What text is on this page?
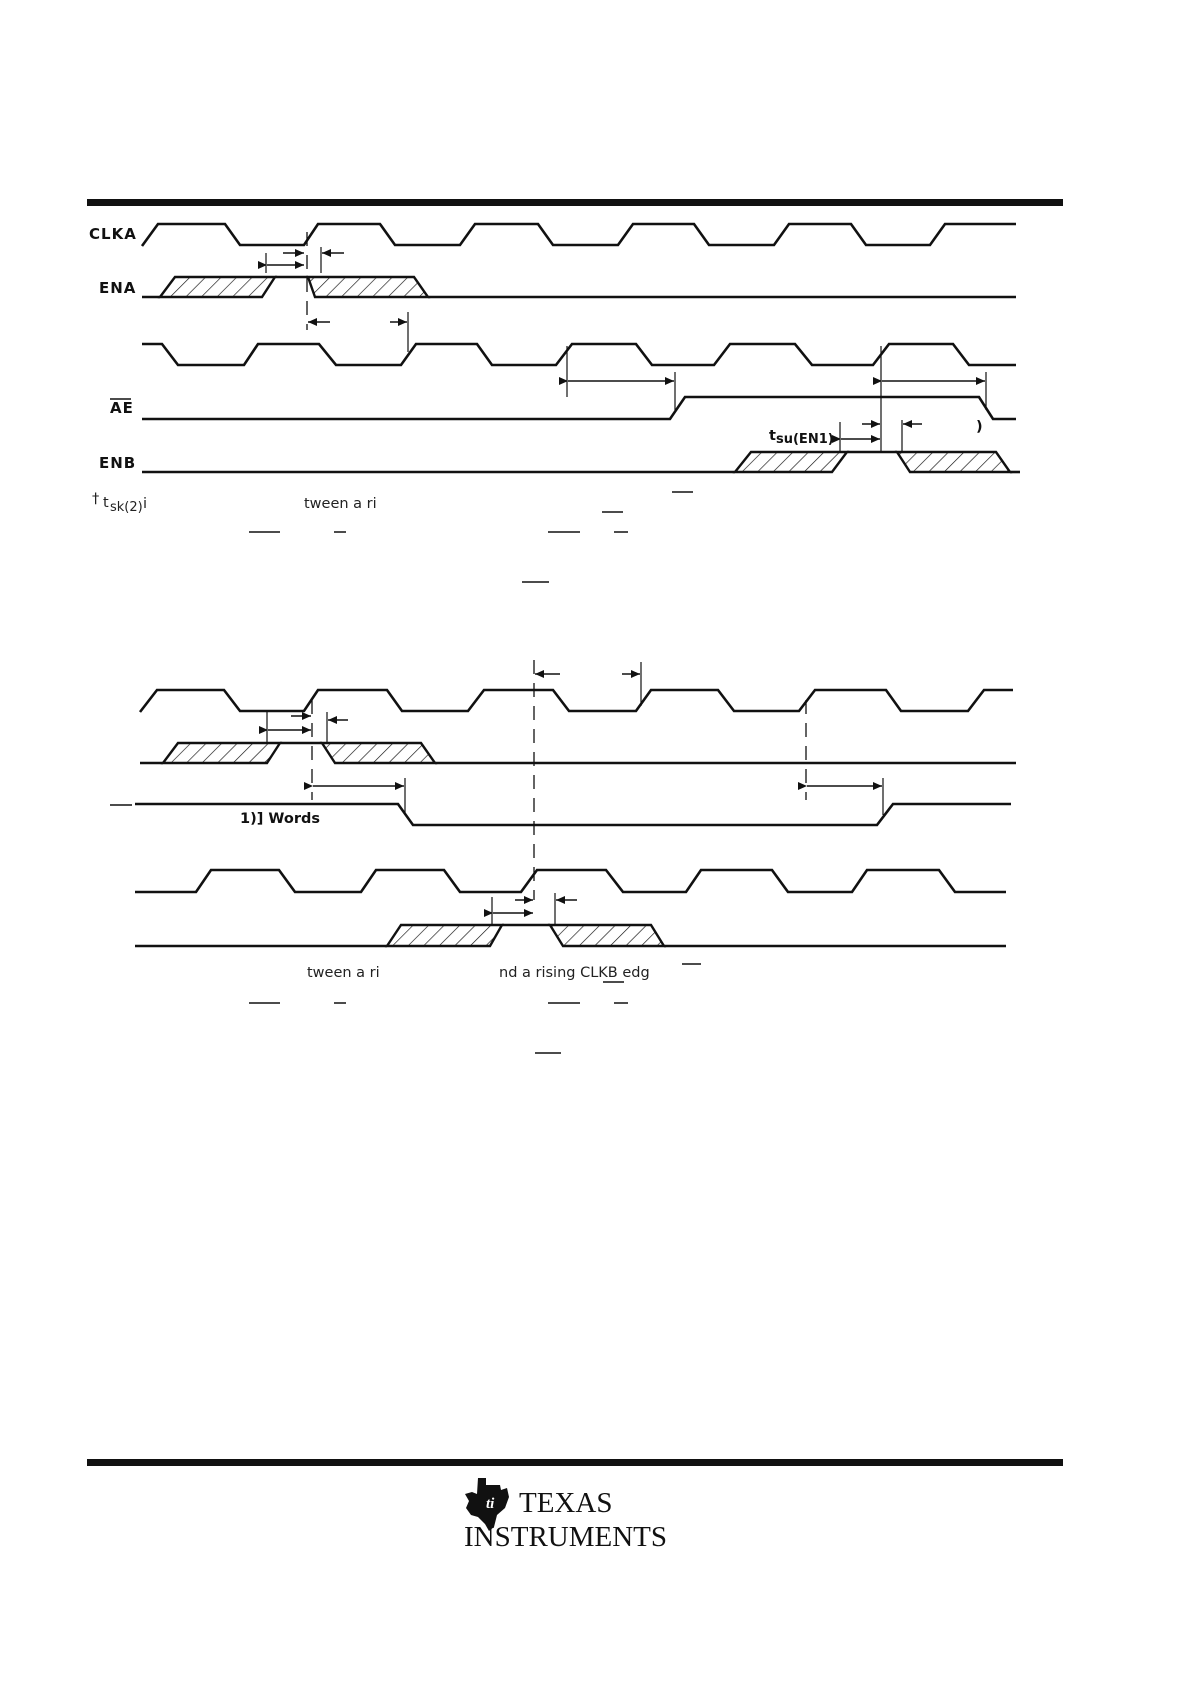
CLKA
ENA
AE
ENB
t su(EN1)
)
† t sk(2) i	tween a ri
1)] Words
tween a ri	nd a rising CLKB edg
ti TEXAS
INSTRUMENTS
